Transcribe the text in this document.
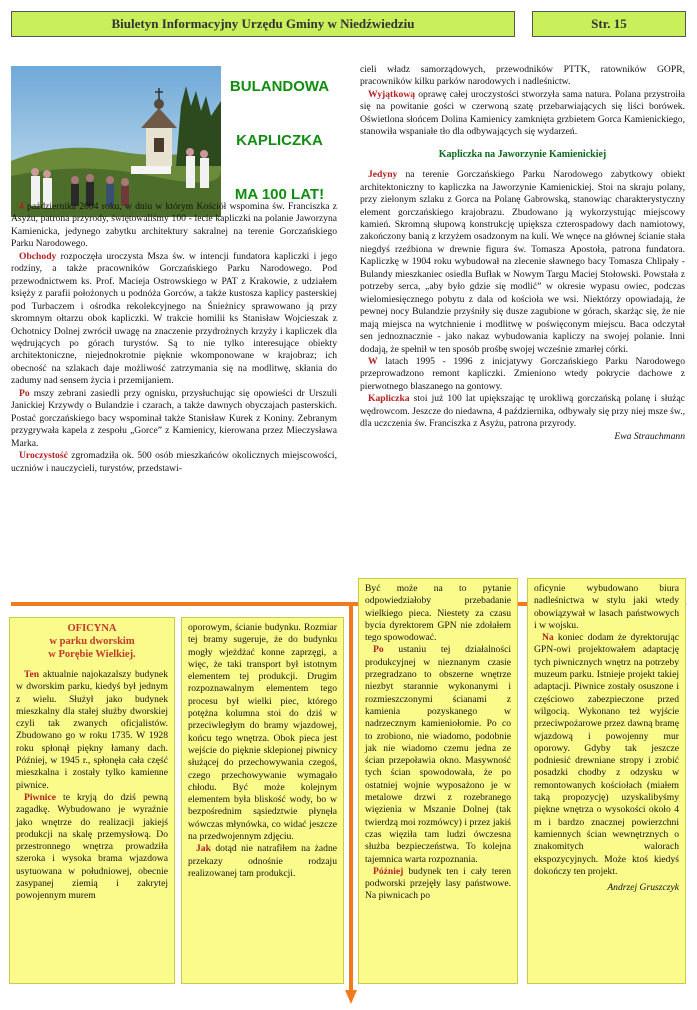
Biuletyn Informacyjny Urzędu Gminy w Niedźwiedziu	Str. 15
BULANDOWA
KAPLICZKA
MA 100 LAT!

4 października 2004 roku, w dniu w którym Kościół wspomina św. Franciszka z Asyżu, patrona przyrody, świętowaliśmy 100 - lecie kapliczki na polanie Jaworzyna Kamienicka, jedynego zabytku architektury sakralnej na terenie Gorczańskiego Parku Narodowego.

Obchody rozpoczęła uroczysta Msza św. w intencji fundatora kapliczki i jego rodziny, a także pracowników Gorczańskiego Parku Narodowego. Pod przewodnictwem ks. Prof. Macieja Ostrowskiego w PAT z Krakowie, z udziałem księży z parafii położonych u podnóża Gorców, a także kustosza kaplicy pasterskiej pod Turbaczem i ośrodka rekolekcyjnego na Śnieżnicy sprawowano ją przy skromnym ołtarzu obok kapliczki. W trakcie homilii ks Stanisław Wojcieszak z Ochotnicy Dolnej zwrócił uwagę na znaczenie przydrożnych krzyży i kapliczek dla wędrujących po górach turystów. Są to nie tylko interesujące obiekty architektoniczne, niejednokrotnie pięknie wkomponowane w krajobraz; ich obecność na szlakach daje możliwość zatrzymania się na modlitwę, skłania do zadumy nad sensem życia i przemijaniem.

Po mszy zebrani zasiedli przy ognisku, przysłuchując się opowieści dr Urszuli Janickiej Krzywdy o Bulandzie i czarach, a także dawnych obyczajach pasterskich. Postać gorczańskiego bacy wspominał także Stanisław Kurek z Koniny. Zebranym przygrywała kapela z zespołu „Gorce” z Kamienicy, kierowana przez Mieczysława Marka.

Uroczystość zgromadziła ok. 500 osób mieszkańców okolicznych miejscowości, uczniów i nauczycieli, turystów, przedstawi-

cieli władz samorządowych, przewodników PTTK, ratowników GOPR, pracowników kilku parków narodowych i nadleśnictw.

Wyjątkową oprawę całej uroczystości stworzyła sama natura. Polana przystroiła się na powitanie gości w czerwoną szatę przebarwiających się liści borówek. Oświetlona słońcem Dolina Kamienicy zamknięta grzbietem Gorca Kamienickiego, stanowiła wspaniałe tło dla odbywających się wydarzeń.

Kapliczka na Jaworzynie Kamienickiej

Jedyny na terenie Gorczańskiego Parku Narodowego zabytkowy obiekt architektoniczny to kapliczka na Jaworzynie Kamienickiej. Stoi na skraju polany, przy zielonym szlaku z Gorca na Polanę Gabrowską, stanowiąc charakterystyczny element gorczańskiego krajobrazu. Zbudowano ją wykorzystując miejscowy kamień. Skromną słupową konstrukcję upiększa czterospadowy dach namiotowy, zakończony banią z krzyżem osadzonym na kuli. We wnęce na głównej ścianie stała niegdyś rzeźbiona w drewnie figura św. Tomasza Apostoła, patrona fundatora. Kapliczkę w 1904 roku wybudował na zlecenie sławnego bacy Tomasza Chlipały - Bulandy mieszkaniec osiedla Bufłak w Nowym Targu Maciej Stołowski. Powstała z potrzeby serca, „aby było gdzie się modlić” w okresie wypasu owiec, podczas wielomiesięcznego pobytu z dala od kościoła we wsi. Niektórzy opowiadają, że pewnej nocy Bulandzie przyśniły się dusze zagubione w górach, skarżąc się, że nie mają miejsca na wytchnienie i modlitwę w poświęconym miejscu. Baca odczytał sen jednoznacznie - jako nakaz wybudowania kapliczy na swojej polanie. Inni dodają, że spełnił w ten sposób prośbę swojej wcześnie zmarłej córki.

W latach 1995 - 1996 z inicjatywy Gorczańskiego Parku Narodowego przeprowadzono remont kapliczki. Zmieniono wtedy pokrycie dachowe z pierwotnego blaszanego na gontowy.

Kapliczka stoi już 100 lat upiększając tę urokliwą gorczańską polanę i służąc wędrowcom. Jeszcze do niedawna, 4 października, odbywały się przy niej msze św., dla uczczenia św. Franciszka z Asyżu, patrona przyrody.

Ewa Strauchmann

OFICYNA

w parku dworskim

w Porębie Wielkiej.

Ten aktualnie najokazalszy budynek w dworskim parku, kiedyś był jednym z wielu. Służył jako budynek mieszkalny dla stałej służby dworskiej czyli tak zwanych oficjalistów. Zbudowano go w roku 1735. W 1928 roku spłonął piękny łamany dach. Później, w 1945 r., spłonęła cała część mieszkalna i zostały tylko kamienne piwnice.

Piwnice te kryją do dziś pewną zagadkę. Wybudowano je wyraźnie jako wnętrze do realizacji jakiejś produkcji na skalę przemysłową. Do przestronnego wnętrza prowadziła szeroka i wysoka brama wjazdowa usytuowana w południowej, obecnie zasypanej ziemią i zakrytej powojennym murem

oporowym, ścianie budynku. Rozmiar tej bramy sugeruje, że do budynku mogły wjeżdżać konne zaprzęgi, a więc, że taki transport był istotnym elementem tej produkcji. Drugim rozpoznawalnym elementem tego procesu był wielki piec, którego potężna kolumna stoi do dziś w przeciwległym do bramy wjazdowej, końcu tego wnętrza. Obok pieca jest wejście do pięknie sklepionej piwnicy służącej do przechowywania czegoś, czego przechowywanie wymagało chłodu. Być może kolejnym elementem była bliskość wody, bo w bezpośrednim sąsiedztwie płynęła wówczas młynówka, co widać jeszcze na przedwojennym zdjęciu.

Jak dotąd nie natrafiłem na żadne przekazy odnośnie rodzaju realizowanej tam produkcji.

Być może na to pytanie odpowiedziałoby przebadanie wielkiego pieca. Niestety za czasu bycia dyrektorem GPN nie zdołałem tego spowodować.

Po ustaniu tej działalności produkcyjnej w nieznanym czasie przegradzano to obszerne wnętrze niezbyt starannie wykonanymi i rozmieszczonymi ścianami z kamienia pozyskanego w nadrzecznym kamieniołomie. Po co to zrobiono, nie wiadomo, podobnie jak nie wiadomo czemu jedna ze ścian przepoławia okno. Masywność tych ścian spowodowała, że po ostatniej wojnie wyposażono je w metalowe drzwi z rozebranego więzienia w Mszanie Dolnej (tak twierdzą moi rozmówcy) i przez jakiś czas więziła tam ludzi ówczesna służba bezpieczeństwa. To kolejna tajemnica warta rozpoznania.

Później budynek ten i cały teren podworski przejęły lasy państwowe. Na piwnicach po

oficynie wybudowano biura nadleśnictwa w stylu jaki wtedy obowiązywał w lasach państwowych i w wojsku.

Na koniec dodam że dyrektorując GPN-owi projektowałem adaptację tych piwnicznych wnętrz na potrzeby muzeum parku. Istnieje projekt takiej adaptacji. Piwnice zostały osuszone i częściowo zabezpieczone przed wilgocią. Wykonano też wyjście przeciwpożarowe przez dawną bramę wjazdową i powojenny mur oporowy. Gdyby tak jeszcze podniesić drewniane stropy i zrobić posadzki chodby z odzysku w remontowanych kościołach (miałem taką propozycję) uzyskalibyśmy piękne wnętrza o wysokości około 4 m i bardzo znacznej powierzchni kamiennych ścian wewnętrznych o znakomitych walorach ekspozycyjnych. Może ktoś kiedyś dokończy ten projekt.

Andrzej Gruszczyk
